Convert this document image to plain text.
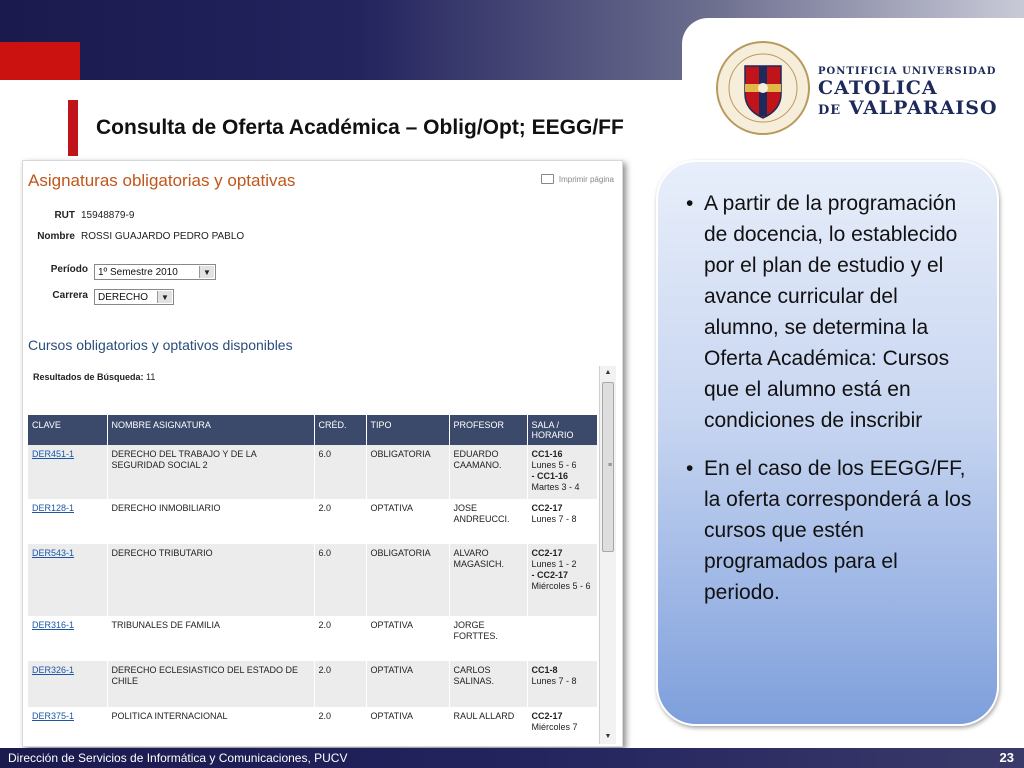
PONTIFICIA UNIVERSIDAD
CATOLICA
DE VALPARAISO
Consulta de Oferta Académica – Oblig/Opt; EEGG/FF
Asignaturas obligatorias y optativas	Imprimir página
RUT 15948879-9
Nombre ROSSI GUAJARDO PEDRO PABLO
Período 1º Semestre 2010	▼
Carrera DERECHO	▼
Cursos obligatorios y optativos disponibles
Resultados de Búsqueda: 11
CLAVE	NOMBRE ASIGNATURA	CRÉD.	TIPO	PROFESOR	SALA / HORARIO
DER451-1	DERECHO DEL TRABAJO Y DE LA SEGURIDAD SOCIAL 2	6.0	OBLIGATORIA	EDUARDO CAAMANO.	CC1-16
Lunes 5 - 6
- CC1-16
Martes 3 - 4
DER128-1	DERECHO INMOBILIARIO	2.0	OPTATIVA	JOSE ANDREUCCI.	CC2-17
Lunes 7 - 8
DER543-1	DERECHO TRIBUTARIO	6.0	OBLIGATORIA	ALVARO MAGASICH.	CC2-17
Lunes 1 - 2
- CC2-17
Miércoles 5 - 6
DER316-1	TRIBUNALES DE FAMILIA	2.0	OPTATIVA	JORGE FORTTES.	
DER326-1	DERECHO ECLESIASTICO DEL ESTADO DE CHILE	2.0	OPTATIVA	CARLOS SALINAS.	CC1-8
Lunes 7 - 8
DER375-1	POLITICA INTERNACIONAL	2.0	OPTATIVA	RAUL ALLARD	CC2-17
Miércoles 7
▲
≡
▼
• A partir de la programación de docencia, lo establecido por el plan de estudio y el avance curricular del alumno, se determina la Oferta Académica: Cursos que el alumno está en condiciones de inscribir
• En el caso de los EEGG/FF, la oferta corresponderá a los cursos que estén programados para el periodo.
Dirección de Servicios de Informática y Comunicaciones, PUCV	23
